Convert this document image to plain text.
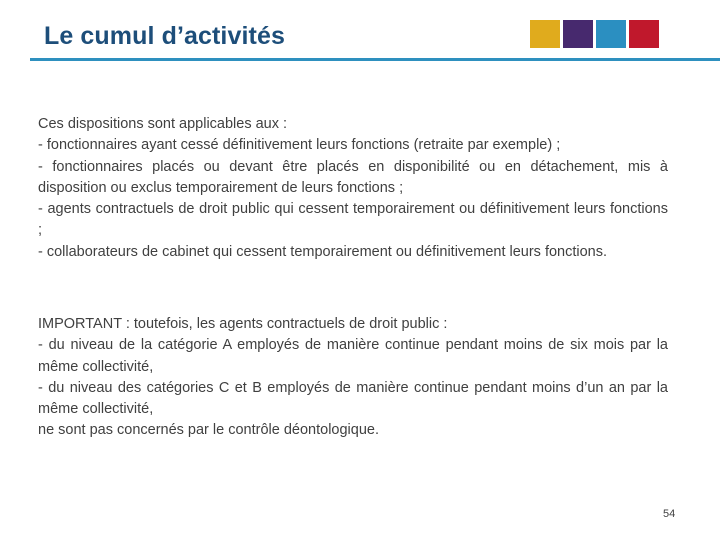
Le cumul d’activités

Ces dispositions sont applicables aux :

- fonctionnaires ayant cessé définitivement leurs fonctions (retraite par exemple) ;

- fonctionnaires placés ou devant être placés en disponibilité ou en détachement, mis à disposition ou exclus temporairement de leurs fonctions ;

- agents contractuels de droit public qui cessent temporairement ou définitivement leurs fonctions ;

- collaborateurs de cabinet qui cessent temporairement ou définitivement leurs fonctions.

IMPORTANT : toutefois, les agents contractuels de droit public :

- du niveau de la catégorie A employés de manière continue pendant moins de six mois par la même collectivité,

- du niveau des catégories C et B employés de manière continue pendant moins d’un an par la même collectivité,

ne sont pas concernés par le contrôle déontologique.

54
